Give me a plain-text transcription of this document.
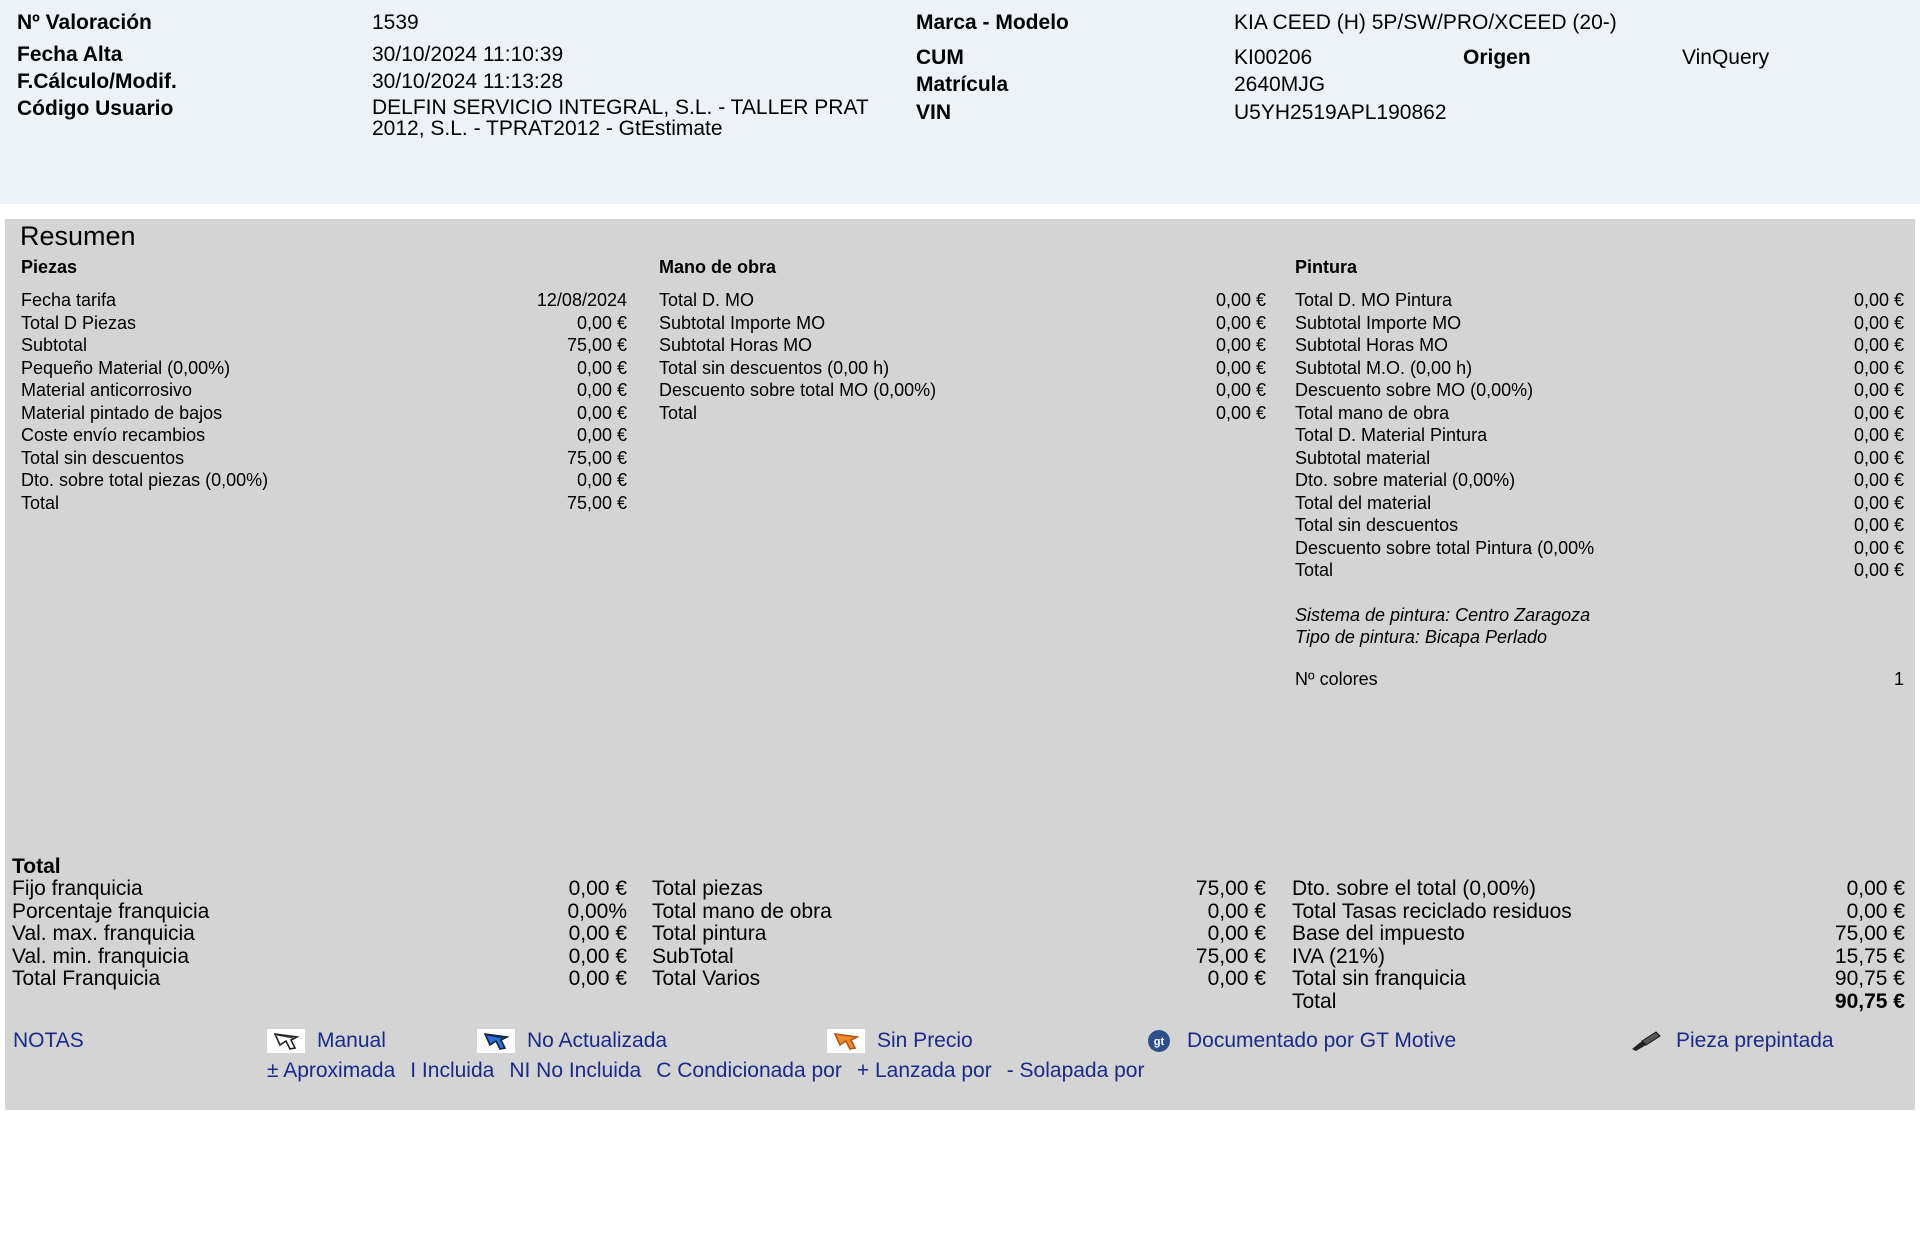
Nº Valoración	1539
Fecha Alta	30/10/2024 11:10:39
F.Cálculo/Modif.	30/10/2024 11:13:28
Código Usuario	DELFIN SERVICIO INTEGRAL, S.L. - TALLER PRAT 2012, S.L. - TPRAT2012 - GtEstimate
Marca - Modelo	KIA CEED (H) 5P/SW/PRO/XCEED (20-)
CUM	KI00206	Origen	VinQuery
Matrícula	2640MJG
VIN	U5YH2519APL190862
Resumen
Piezas
Fecha tarifa	12/08/2024
Total D Piezas	0,00 €
Subtotal	75,00 €
Pequeño Material (0,00%)	0,00 €
Material anticorrosivo	0,00 €
Material pintado de bajos	0,00 €
Coste envío recambios	0,00 €
Total sin descuentos	75,00 €
Dto. sobre total piezas (0,00%)	0,00 €
Total	75,00 €
Mano de obra
Total D. MO	0,00 €
Subtotal Importe MO	0,00 €
Subtotal Horas MO	0,00 €
Total sin descuentos (0,00 h)	0,00 €
Descuento sobre total MO (0,00%)	0,00 €
Total	0,00 €
Pintura
Total D. MO Pintura	0,00 €
Subtotal Importe MO	0,00 €
Subtotal Horas MO	0,00 €
Subtotal M.O. (0,00 h)	0,00 €
Descuento sobre MO (0,00%)	0,00 €
Total mano de obra	0,00 €
Total D. Material Pintura	0,00 €
Subtotal material	0,00 €
Dto. sobre material (0,00%)	0,00 €
Total del material	0,00 €
Total sin descuentos	0,00 €
Descuento sobre total Pintura (0,00%	0,00 €
Total	0,00 €
Sistema de pintura: Centro Zaragoza
Tipo de pintura: Bicapa Perlado
Nº colores	1
Total
Fijo franquicia	0,00 €
Porcentaje franquicia	0,00%
Val. max. franquicia	0,00 €
Val. min. franquicia	0,00 €
Total Franquicia	0,00 €
Total piezas	75,00 €
Total mano de obra	0,00 €
Total pintura	0,00 €
SubTotal	75,00 €
Total Varios	0,00 €
Dto. sobre el total (0,00%)	0,00 €
Total Tasas reciclado residuos	0,00 €
Base del impuesto	75,00 €
IVA (21%)	15,75 €
Total sin franquicia	90,75 €
Total	90,75 €
NOTAS	Manual	No Actualizada	Sin Precio	gt Documentado por GT Motive	Pieza prepintada
± Aproximada I Incluida NI No Incluida C Condicionada por + Lanzada por - Solapada por
